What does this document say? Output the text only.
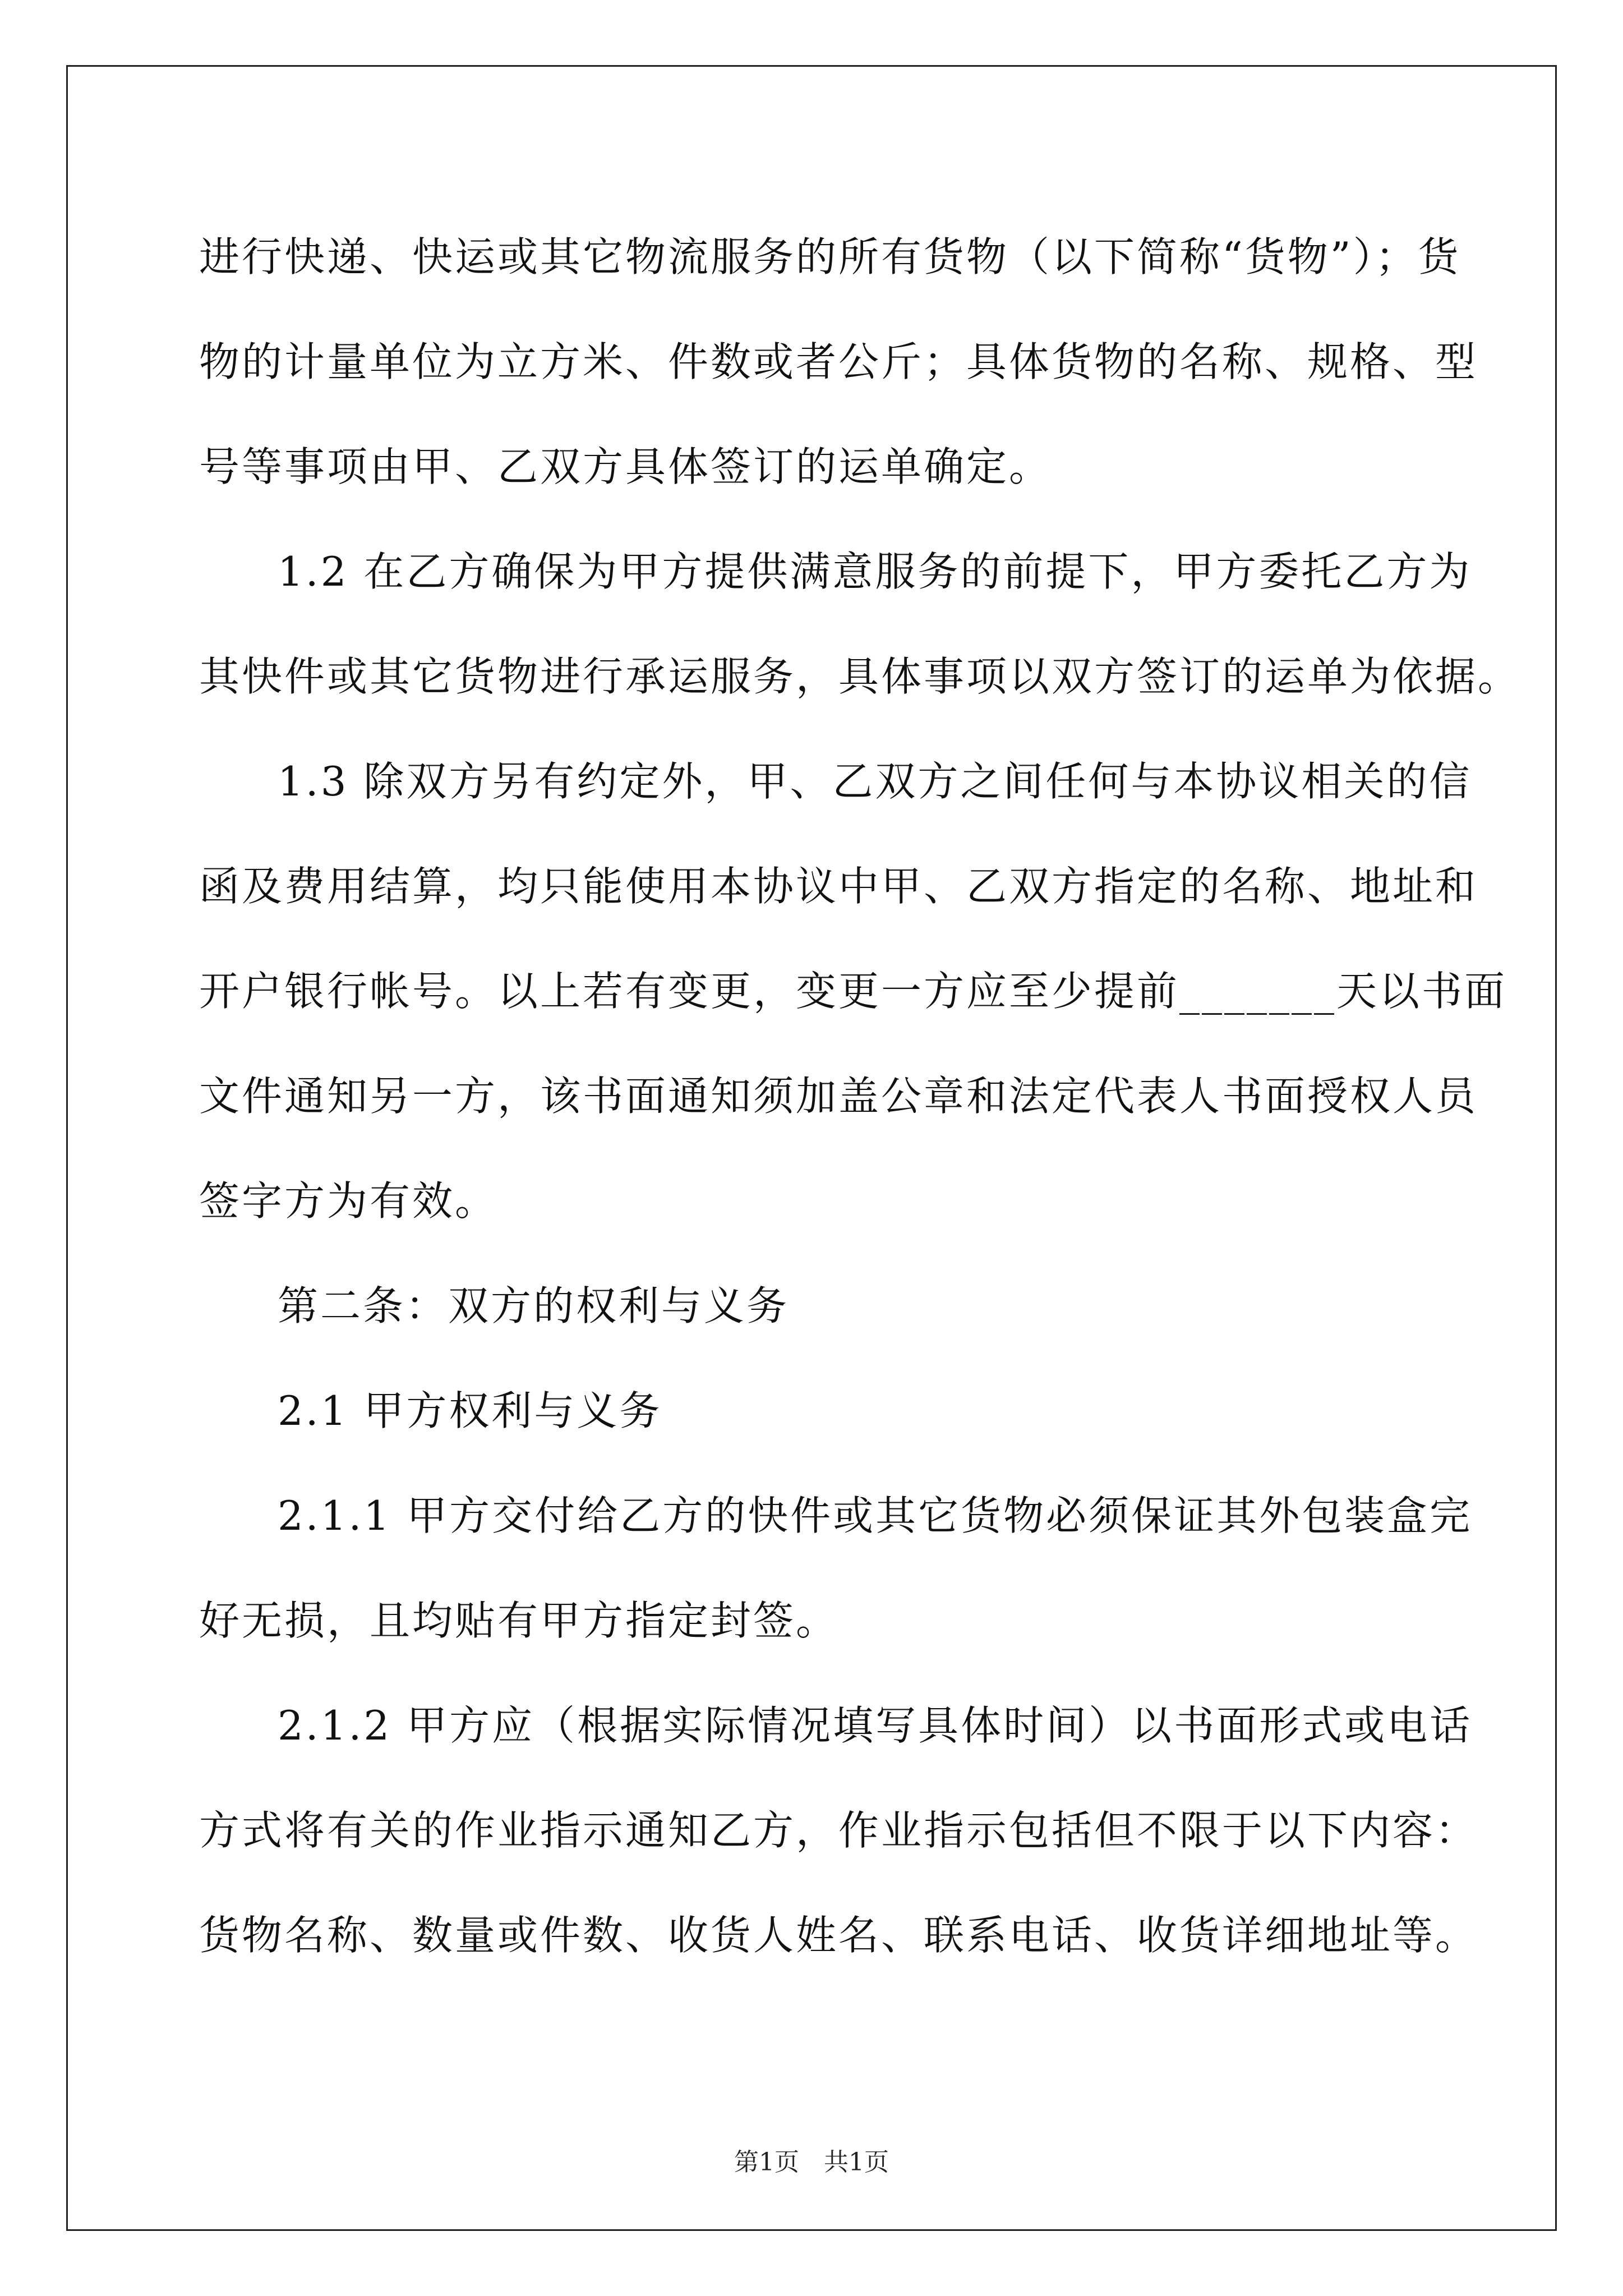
进行快递、快运或其它物流服务的所有货物（以下简称“货物”）；货
物的计量单位为立方米、件数或者公斤；具体货物的名称、规格、型
号等事项由甲、乙双方具体签订的运单确定。
1.2 在乙方确保为甲方提供满意服务的前提下，甲方委托乙方为
其快件或其它货物进行承运服务，具体事项以双方签订的运单为依据。
1.3 除双方另有约定外，甲、乙双方之间任何与本协议相关的信
函及费用结算，均只能使用本协议中甲、乙双方指定的名称、地址和
开户银行帐号。以上若有变更，变更一方应至少提前_______天以书面
文件通知另一方，该书面通知须加盖公章和法定代表人书面授权人员
签字方为有效。
第二条：双方的权利与义务
2.1 甲方权利与义务
2.1.1 甲方交付给乙方的快件或其它货物必须保证其外包装盒完
好无损，且均贴有甲方指定封签。
2.1.2 甲方应（根据实际情况填写具体时间）以书面形式或电话
方式将有关的作业指示通知乙方，作业指示包括但不限于以下内容：
货物名称、数量或件数、收货人姓名、联系电话、收货详细地址等。
第1页　共1页
